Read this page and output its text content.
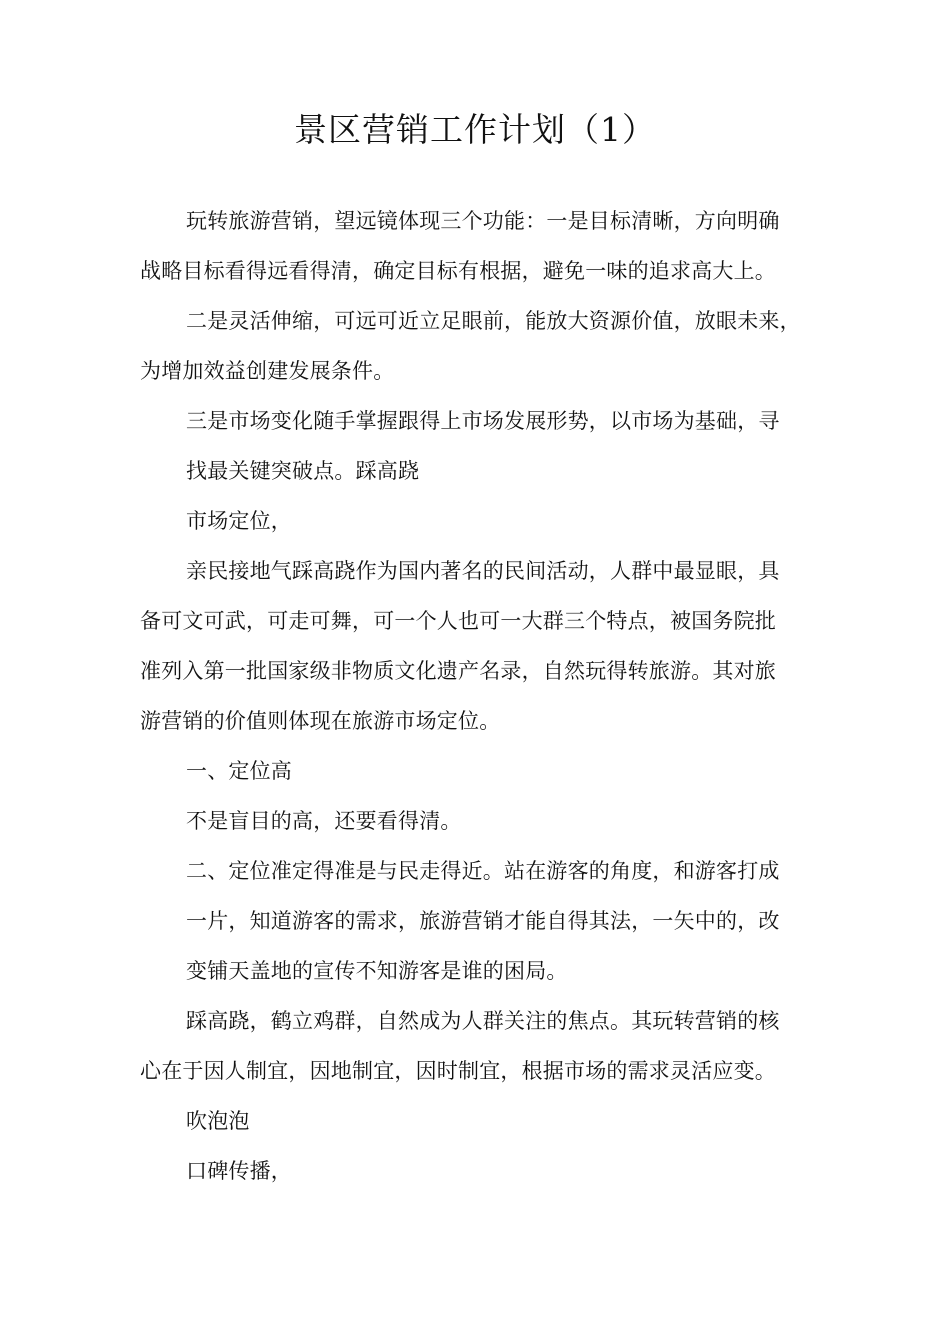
景区营销工作计划（1）
玩转旅游营销，望远镜体现三个功能：一是目标清晰，方向明确
战略目标看得远看得清，确定目标有根据，避免一味的追求高大上。
二是灵活伸缩，可远可近立足眼前，能放大资源价值，放眼未来，
为增加效益创建发展条件。
三是市场变化随手掌握跟得上市场发展形势，以市场为基础，寻
找最关键突破点。踩高跷
市场定位，
亲民接地气踩高跷作为国内著名的民间活动，人群中最显眼，具
备可文可武，可走可舞，可一个人也可一大群三个特点，被国务院批
准列入第一批国家级非物质文化遗产名录，自然玩得转旅游。其对旅
游营销的价值则体现在旅游市场定位。
一、定位高
不是盲目的高，还要看得清。
二、定位准定得准是与民走得近。站在游客的角度，和游客打成
一片，知道游客的需求，旅游营销才能自得其法，一矢中的，改
变铺天盖地的宣传不知游客是谁的困局。
踩高跷，鹤立鸡群，自然成为人群关注的焦点。其玩转营销的核
心在于因人制宜，因地制宜，因时制宜，根据市场的需求灵活应变。
吹泡泡
口碑传播，
